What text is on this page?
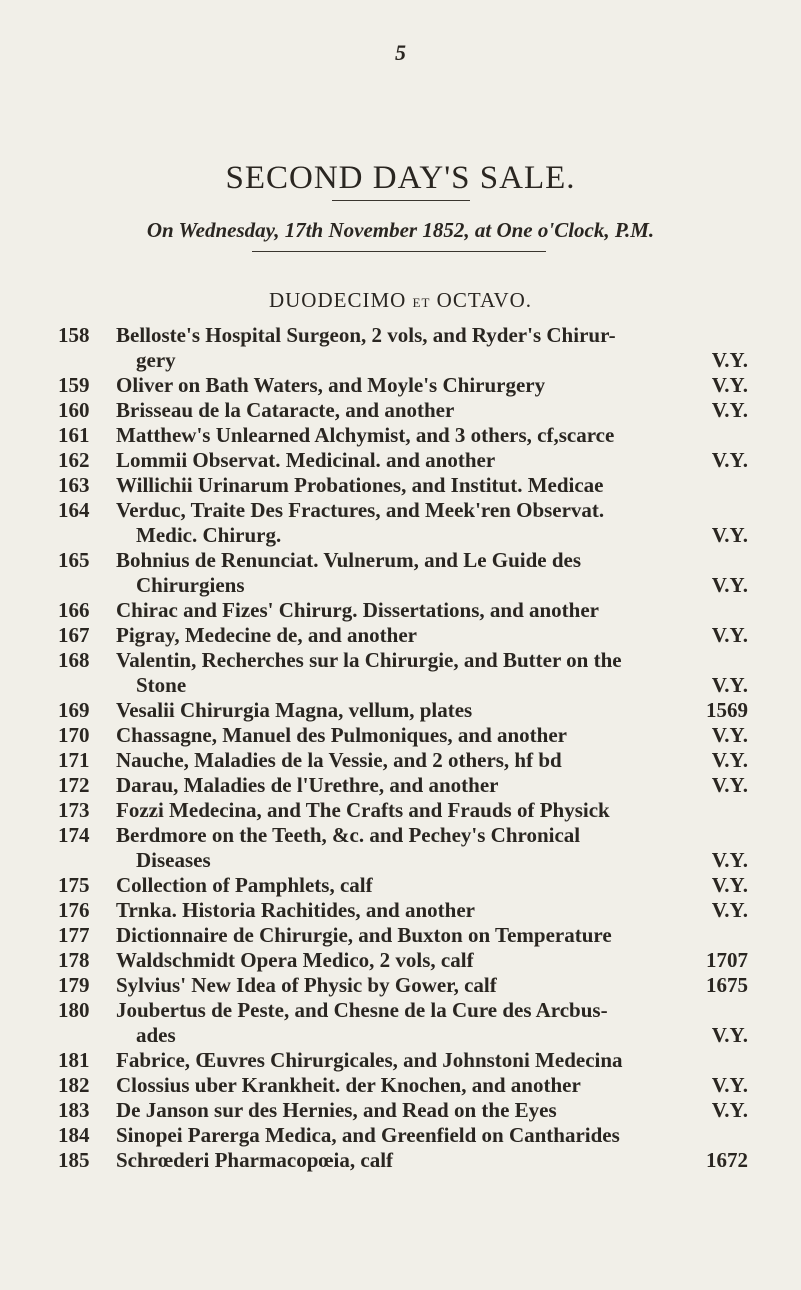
5
SECOND DAY'S SALE.
On Wednesday, 17th November 1852, at One o'Clock, P.M.
DUODECIMO ET OCTAVO.
158	Belloste's Hospital Surgeon, 2 vols, and Ryder's Chirur-
gery	V.Y.
159	Oliver on Bath Waters, and Moyle's Chirurgery	V.Y.
160	Brisseau de la Cataracte, and another	V.Y.
161	Matthew's Unlearned Alchymist, and 3 others, cf,scarce
162	Lommii Observat. Medicinal. and another	V.Y.
163	Willichii Urinarum Probationes, and Institut. Medicae
164	Verduc, Traite Des Fractures, and Meek'ren Observat.
Medic. Chirurg.	V.Y.
165	Bohnius de Renunciat. Vulnerum, and Le Guide des
Chirurgiens	V.Y.
166	Chirac and Fizes' Chirurg. Dissertations, and another
167	Pigray, Medecine de, and another	V.Y.
168	Valentin, Recherches sur la Chirurgie, and Butter on the
Stone	V.Y.
169	Vesalii Chirurgia Magna, vellum, plates	1569
170	Chassagne, Manuel des Pulmoniques, and another	V.Y.
171	Nauche, Maladies de la Vessie, and 2 others, hf bd	V.Y.
172	Darau, Maladies de l'Urethre, and another	V.Y.
173	Fozzi Medecina, and The Crafts and Frauds of Physick
174	Berdmore on the Teeth, &c. and Pechey's Chronical
Diseases	V.Y.
175	Collection of Pamphlets, calf	V.Y.
176	Trnka. Historia Rachitides, and another	V.Y.
177	Dictionnaire de Chirurgie, and Buxton on Temperature
178	Waldschmidt Opera Medico, 2 vols, calf	1707
179	Sylvius' New Idea of Physic by Gower, calf	1675
180	Joubertus de Peste, and Chesne de la Cure des Arcbus-
ades	V.Y.
181	Fabrice, Œuvres Chirurgicales, and Johnstoni Medecina
182	Clossius uber Krankheit. der Knochen, and another	V.Y.
183	De Janson sur des Hernies, and Read on the Eyes	V.Y.
184	Sinopei Parerga Medica, and Greenfield on Cantharides
185	Schrœderi Pharmacopœia, calf	1672
